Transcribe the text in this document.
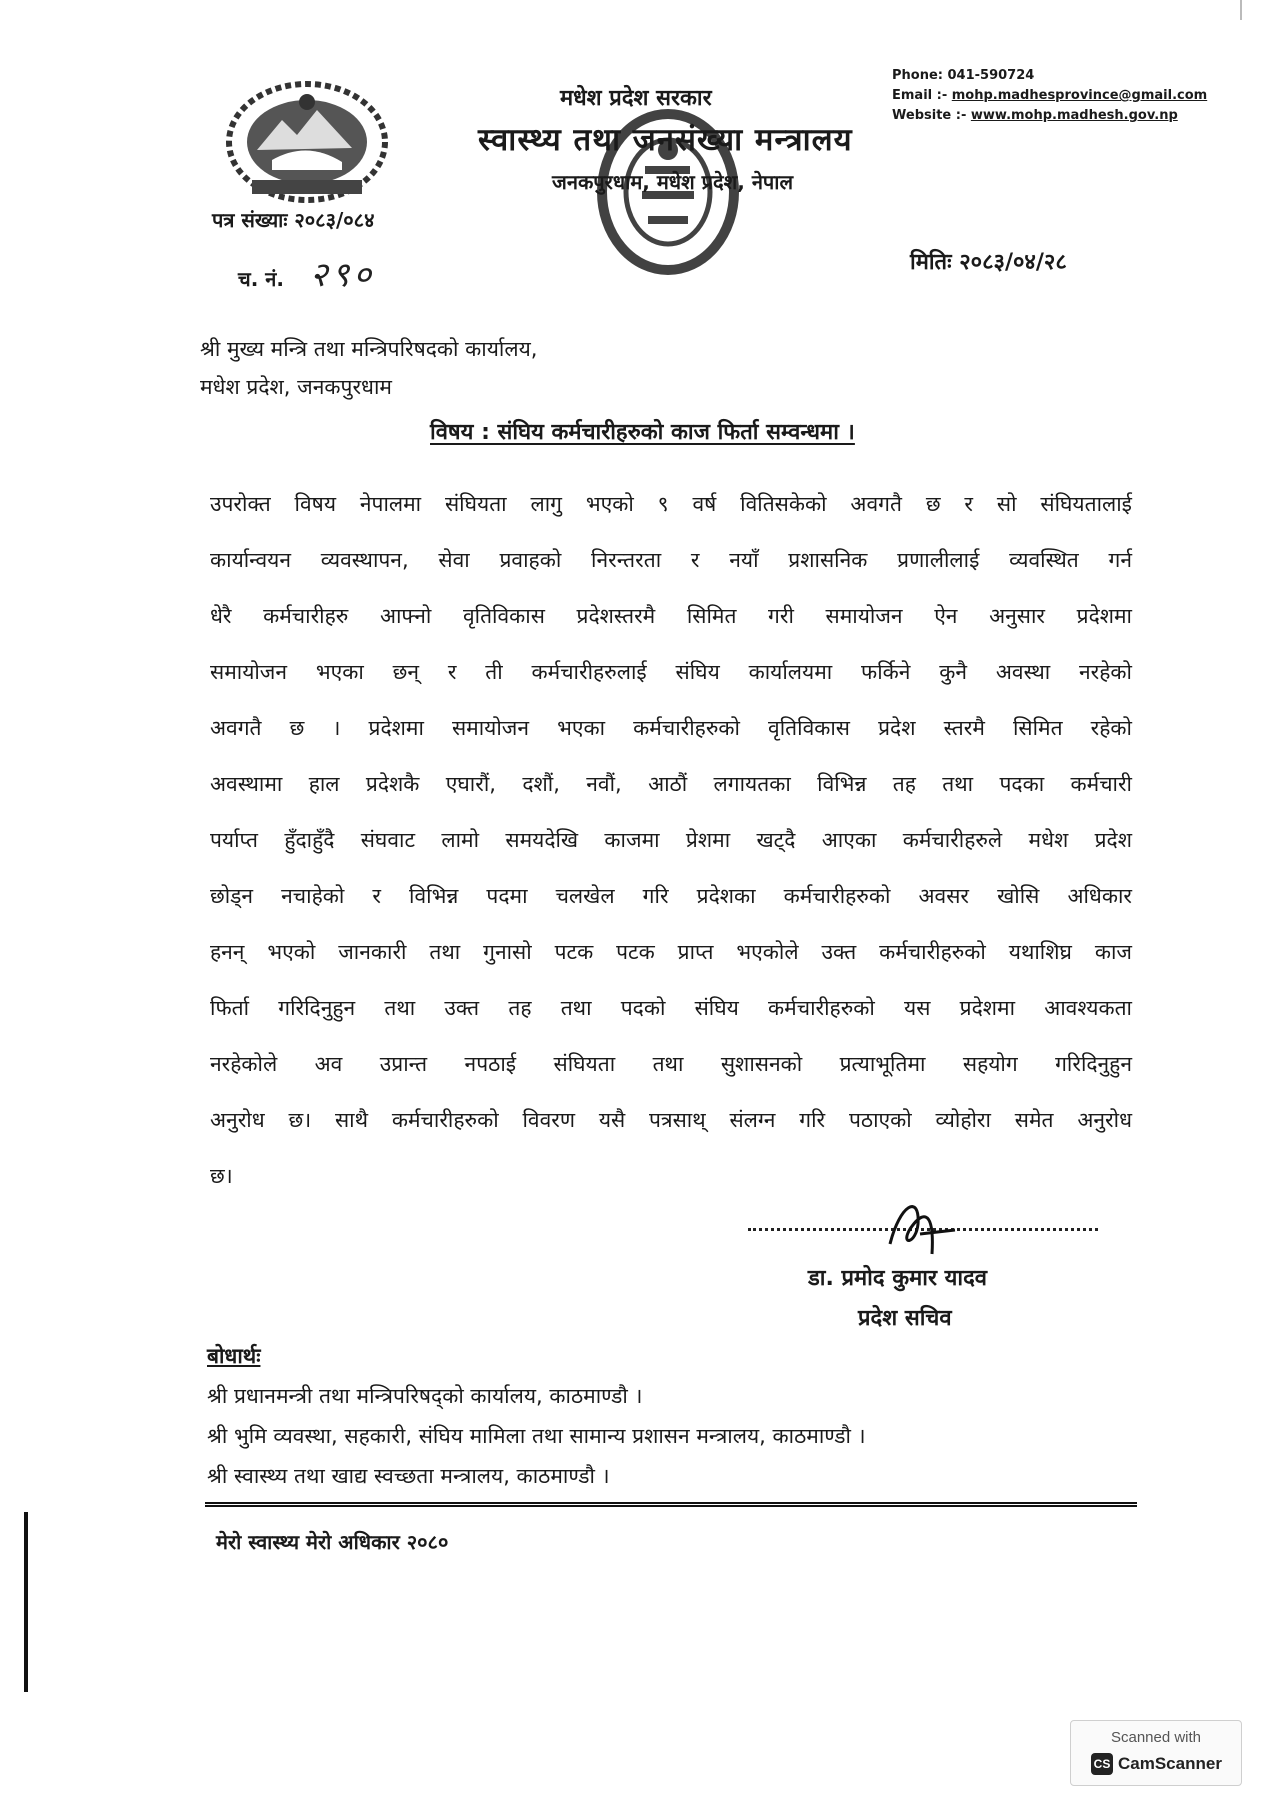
मधेश प्रदेश सरकार
स्वास्थ्य तथा जनसंख्या मन्त्रालय
जनकपुरधाम, मधेश प्रदेश, नेपाल
Phone: 041-590724
Email :- mohp.madhesprovince@gmail.com
Website :- www.mohp.madhesh.gov.np
पत्र संख्याः २०८३/०८४
च. नं. २९०	मितिः २०८३/०४/२८
श्री मुख्य मन्त्रि तथा मन्त्रिपरिषदको कार्यालय,
मधेश प्रदेश, जनकपुरधाम
विषय : संघिय कर्मचारीहरुको काज फिर्ता सम्वन्धमा ।
उपरोक्त विषय नेपालमा संघियता लागु भएको ९ वर्ष वितिसकेको अवगतै छ र सो संघियतालाई
कार्यान्वयन व्यवस्थापन, सेवा प्रवाहको निरन्तरता र नयाँ प्रशासनिक प्रणालीलाई व्यवस्थित गर्न
धेरै कर्मचारीहरु आफ्नो वृतिविकास प्रदेशस्तरमै सिमित गरी समायोजन ऐन अनुसार प्रदेशमा
समायोजन भएका छन् र ती कर्मचारीहरुलाई संघिय कार्यालयमा फर्किने कुनै अवस्था नरहेको
अवगतै छ । प्रदेशमा समायोजन भएका कर्मचारीहरुको वृतिविकास प्रदेश स्तरमै सिमित रहेको
अवस्थामा हाल प्रदेशकै एघारौं, दशौं, नवौं, आठौं लगायतका विभिन्न तह तथा पदका कर्मचारी
पर्याप्त हुँदाहुँदै संघवाट लामो समयदेखि काजमा प्रेशमा खट्दै आएका कर्मचारीहरुले मधेश प्रदेश
छोड्न नचाहेको र विभिन्न पदमा चलखेल गरि प्रदेशका कर्मचारीहरुको अवसर खोसि अधिकार
हनन् भएको जानकारी तथा गुनासो पटक पटक प्राप्त भएकोले उक्त कर्मचारीहरुको यथाशिघ्र काज
फिर्ता गरिदिनुहुन तथा उक्त तह तथा पदको संघिय कर्मचारीहरुको यस प्रदेशमा आवश्यकता
नरहेकोले अव उप्रान्त नपठाई संघियता तथा सुशासनको प्रत्याभूतिमा सहयोग गरिदिनुहुन
अनुरोध छ। साथै कर्मचारीहरुको विवरण यसै पत्रसाथ् संलग्न गरि पठाएको व्योहोरा समेत अनुरोध
छ।
डा. प्रमोद कुमार यादव
प्रदेश सचिव
बोधार्थः
श्री प्रधानमन्त्री तथा मन्त्रिपरिषद्को कार्यालय, काठमाण्डौ ।
श्री भुमि व्यवस्था, सहकारी, संघिय मामिला तथा सामान्य प्रशासन मन्त्रालय, काठमाण्डौ ।
श्री स्वास्थ्य तथा खाद्य स्वच्छता मन्त्रालय, काठमाण्डौ ।
मेरो स्वास्थ्य मेरो अधिकार २०८०
Scanned with
CS CamScanner
